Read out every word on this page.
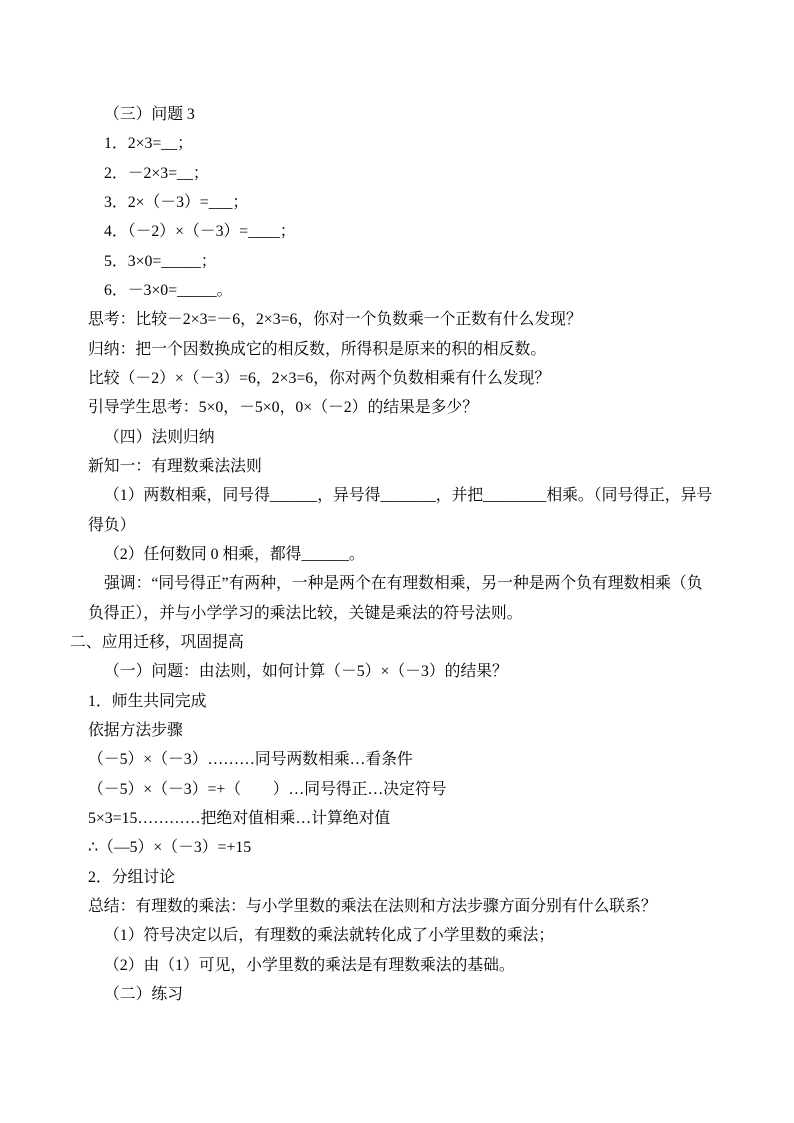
（三）问题 3
1．2×3=__；
2．－2×3=__；
3．2×（－3）=___；
4．（－2）×（－3）=____；
5．3×0=_____；
6．－3×0=_____。
思考：比较－2×3=－6，2×3=6，你对一个负数乘一个正数有什么发现？
归纳：把一个因数换成它的相反数，所得积是原来的积的相反数。
比较（－2）×（－3）=6，2×3=6，你对两个负数相乘有什么发现？
引导学生思考：5×0，－5×0，0×（－2）的结果是多少？
（四）法则归纳
新知一：有理数乘法法则
（1）两数相乘，同号得______，异号得_______，并把________相乘。（同号得正，异号
得负）
（2）任何数同 0 相乘，都得______。
强调：“同号得正”有两种，一种是两个在有理数相乘，另一种是两个负有理数相乘（负
负得正），并与小学学习的乘法比较，关键是乘法的符号法则。
二、应用迁移，巩固提高
（一）问题：由法则，如何计算（－5）×（－3）的结果？
1．师生共同完成
依据方法步骤
（－5）×（－3）………同号两数相乘…看条件
（－5）×（－3）=+（　　）…同号得正…决定符号
5×3=15…………把绝对值相乘…计算绝对值
∴（—5）×（－3）=+15
2．分组讨论
总结：有理数的乘法：与小学里数的乘法在法则和方法步骤方面分别有什么联系？
（1）符号决定以后，有理数的乘法就转化成了小学里数的乘法；
（2）由（1）可见，小学里数的乘法是有理数乘法的基础。
（二）练习
